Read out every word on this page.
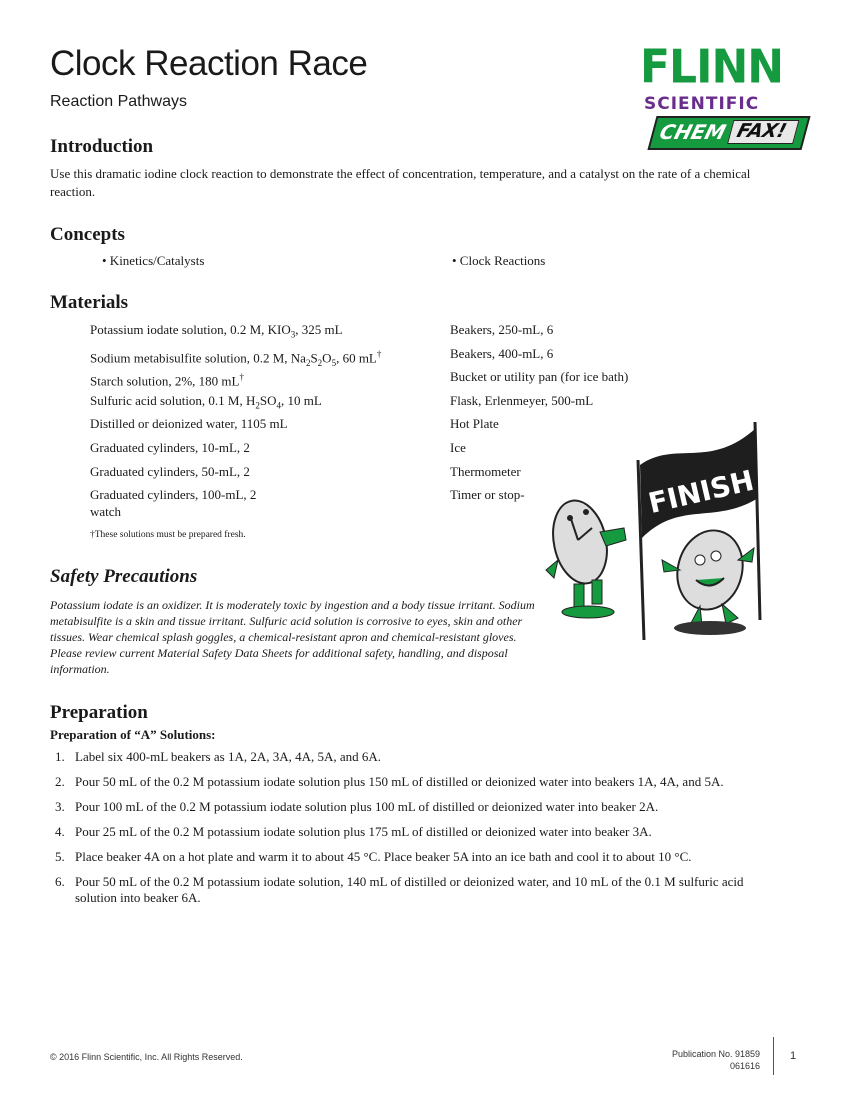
Clock Reaction Race
Reaction Pathways
FLINN
SCIENTIFIC
CHEM FAX!
Introduction
Use this dramatic iodine clock reaction to demonstrate the effect of concentration, temperature, and a catalyst on the rate of a chemical reaction.
Concepts
• Kinetics/Catalysts	• Clock Reactions
Materials
Potassium iodate solution, 0.2 M, $KIO_3$, 325 mL
Sodium metabisulfite solution, 0.2 M, $Na_2S_2O_5$, 60 mL†
Starch solution, 2%, 180 mL†
Sulfuric acid solution, 0.1 M, $H_2SO_4$, 10 mL
Distilled or deionized water, 1105 mL
Graduated cylinders, 10-mL, 2
Graduated cylinders, 50-mL, 2
Graduated cylinders, 100-mL, 2
watch
Beakers, 250-mL, 6
Beakers, 400-mL, 6
Bucket or utility pan (for ice bath)
Flask, Erlenmeyer, 500-mL
Hot Plate
Ice
Thermometer
Timer or stop-
†These solutions must be prepared fresh.
FINISH
Safety Precautions
Potassium iodate is an oxidizer. It is moderately toxic by ingestion and a body tissue irritant. Sodium metabisulfite is a skin and tissue irritant. Sulfuric acid solution is corrosive to eyes, skin and other tissues. Wear chemical splash goggles, a chemical-resistant apron and chemical-resistant gloves. Please review current Material Safety Data Sheets for additional safety, handling, and disposal information.
Preparation
Preparation of “A” Solutions:
1. Label six 400-mL beakers as 1A, 2A, 3A, 4A, 5A, and 6A.
2. Pour 50 mL of the 0.2 M potassium iodate solution plus 150 mL of distilled or deionized water into beakers 1A, 4A, and 5A.
3. Pour 100 mL of the 0.2 M potassium iodate solution plus 100 mL of distilled or deionized water into beaker 2A.
4. Pour 25 mL of the 0.2 M potassium iodate solution plus 175 mL of distilled or deionized water into beaker 3A.
5. Place beaker 4A on a hot plate and warm it to about 45 °C. Place beaker 5A into an ice bath and cool it to about 10 °C.
6. Pour 50 mL of the 0.2 M potassium iodate solution, 140 mL of distilled or deionized water, and 10 mL of the 0.1 M sulfuric acid solution into beaker 6A.
© 2016 Flinn Scientific, Inc. All Rights Reserved.	Publication No. 91859
061616
1
